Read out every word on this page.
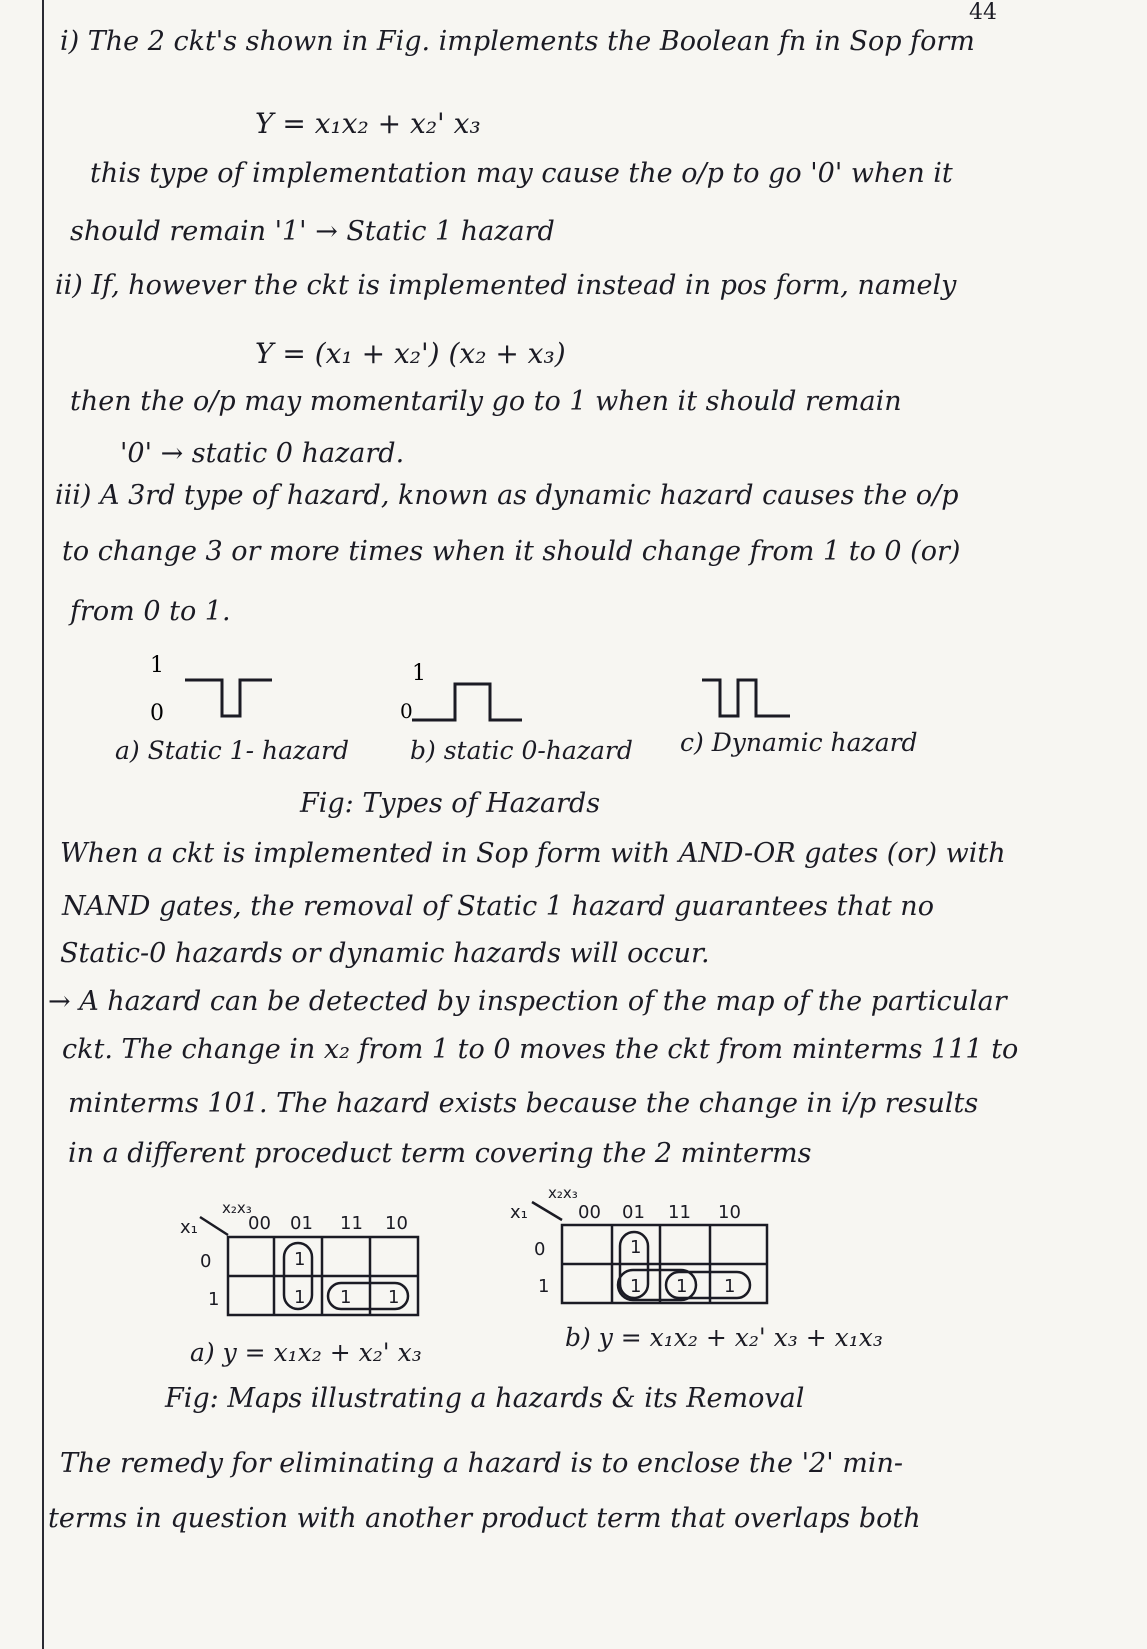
44
i) The 2 ckt's shown in Fig. implements the Boolean fn in Sop form
Y = x₁x₂ + x₂' x₃
this type of implementation may cause the o/p to go '0' when it
should remain '1' → Static 1 hazard
ii) If, however the ckt is implemented instead in pos form, namely
Y = (x₁ + x₂') (x₂ + x₃)
then the o/p may momentarily go to 1 when it should remain
'0' → static 0 hazard.
iii) A 3rd type of hazard, known as dynamic hazard causes the o/p
to change 3 or more times when it should change from 1 to 0 (or)
from 0 to 1.
1
0	0
1
a) Static 1- hazard b) static 0-hazard c) Dynamic hazard
Fig: Types of Hazards
When a ckt is implemented in Sop form with AND-OR gates (or) with
NAND gates, the removal of Static 1 hazard guarantees that no
Static-0 hazards or dynamic hazards will occur.
→ A hazard can be detected by inspection of the map of the particular
ckt. The change in x₂ from 1 to 0 moves the ckt from minterms 111 to
minterms 101. The hazard exists because the change in i/p results
in a different proceduct term covering the 2 minterms
x₁
x₂x₃
00 01 11 10
0
1
1
1 1 1
x₁
x₂x₃
00 01 11 10
0
1
1
1 1 1
a) y = x₁x₂ + x₂' x₃
b) y = x₁x₂ + x₂' x₃ + x₁x₃
Fig: Maps illustrating a hazards & its Removal
The remedy for eliminating a hazard is to enclose the '2' min-
terms in question with another product term that overlaps both
